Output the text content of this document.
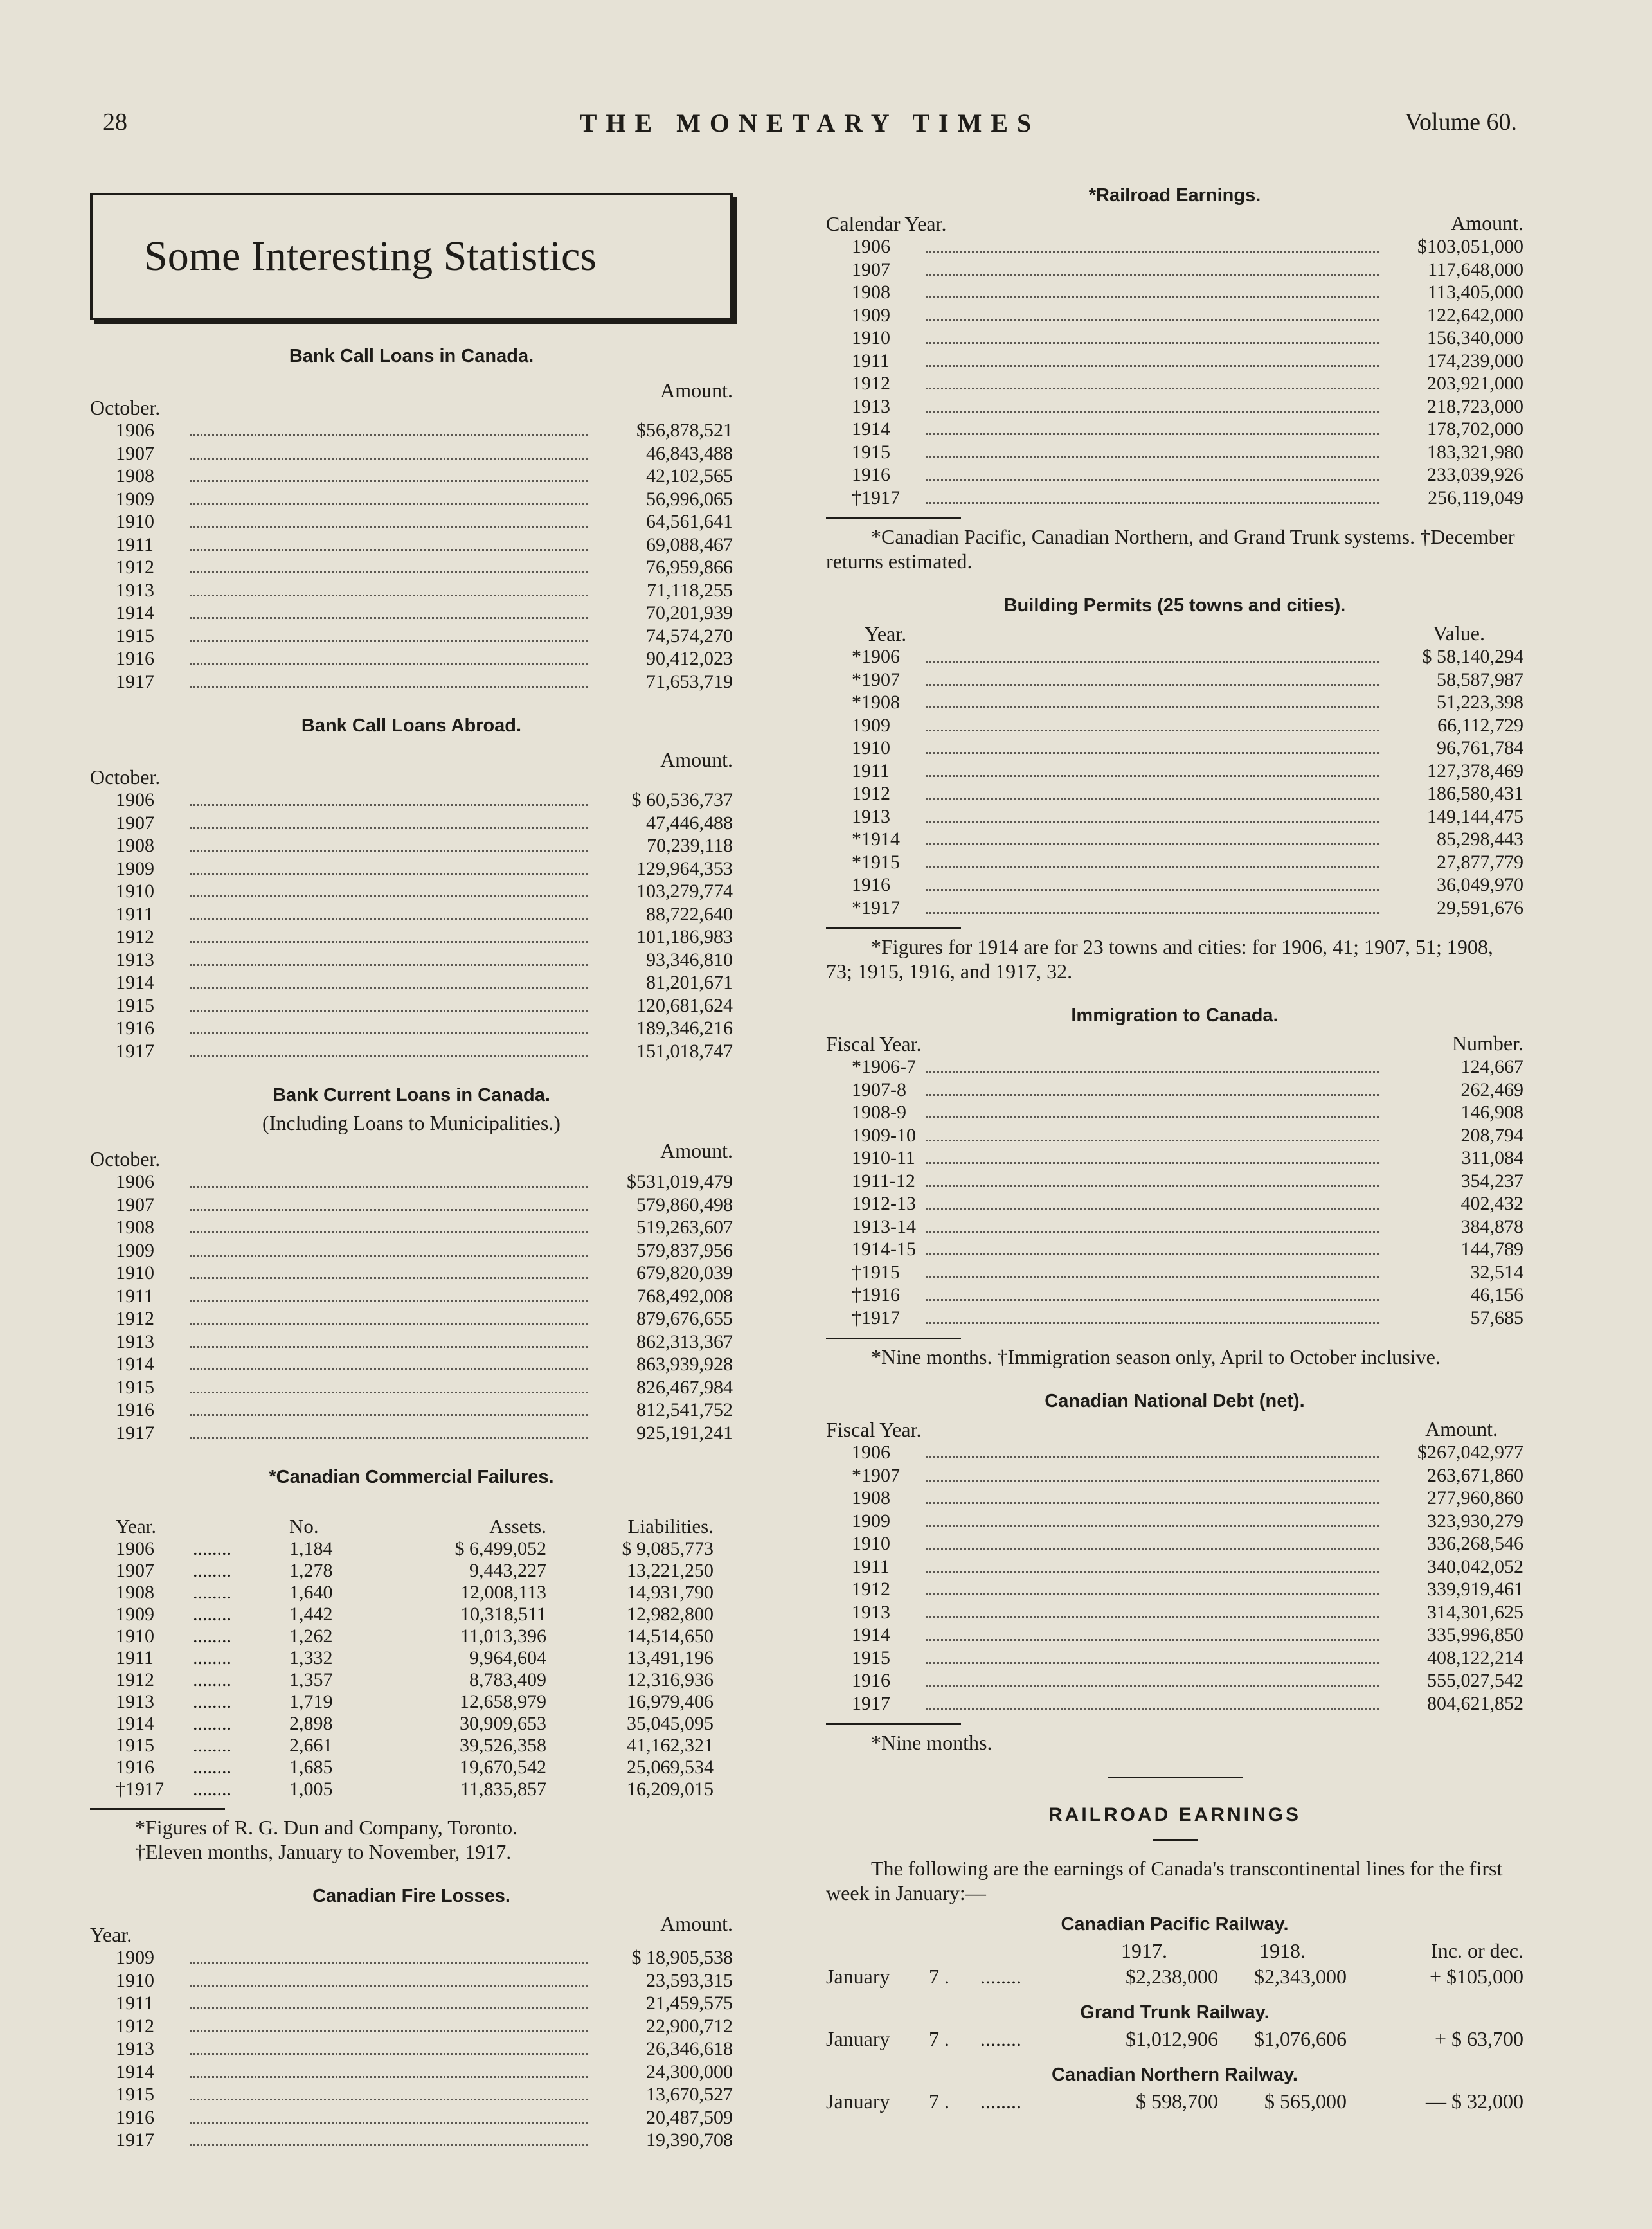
28	THE MONETARY TIMES	Volume 60.
Some Interesting Statistics
Bank Call Loans in Canada.
October.
Amount.
1906	$56,878,521
1907	46,843,488
1908	42,102,565
1909	56,996,065
1910	64,561,641
1911	69,088,467
1912	76,959,866
1913	71,118,255
1914	70,201,939
1915	74,574,270
1916	90,412,023
1917	71,653,719
Bank Call Loans Abroad.
October.
Amount.
1906	$ 60,536,737
1907	47,446,488
1908	70,239,118
1909	129,964,353
1910	103,279,774
1911	88,722,640
1912	101,186,983
1913	93,346,810
1914	81,201,671
1915	120,681,624
1916	189,346,216
1917	151,018,747
Bank Current Loans in Canada.
(Including Loans to Municipalities.)
October.	Amount.
1906	$531,019,479
1907	579,860,498
1908	519,263,607
1909	579,837,956
1910	679,820,039
1911	768,492,008
1912	879,676,655
1913	862,313,367
1914	863,939,928
1915	826,467,984
1916	812,541,752
1917	925,191,241
*Canadian Commercial Failures.
Year.	No.	Assets.	Liabilities.
1906	........	1,184	$ 6,499,052	$ 9,085,773
1907	........	1,278	9,443,227	13,221,250
1908	........	1,640	12,008,113	14,931,790
1909	........	1,442	10,318,511	12,982,800
1910	........	1,262	11,013,396	14,514,650
1911	........	1,332	9,964,604	13,491,196
1912	........	1,357	8,783,409	12,316,936
1913	........	1,719	12,658,979	16,979,406
1914	........	2,898	30,909,653	35,045,095
1915	........	2,661	39,526,358	41,162,321
1916	........	1,685	19,670,542	25,069,534
†1917	........	1,005	11,835,857	16,209,015
*Figures of R. G. Dun and Company, Toronto.
†Eleven months, January to November, 1917.
Canadian Fire Losses.
Year.	Amount.
1909	$ 18,905,538
1910	23,593,315
1911	21,459,575
1912	22,900,712
1913	26,346,618
1914	24,300,000
1915	13,670,527
1916	20,487,509
1917	19,390,708
*Railroad Earnings.
Calendar Year.	Amount.
1906	$103,051,000
1907	117,648,000
1908	113,405,000
1909	122,642,000
1910	156,340,000
1911	174,239,000
1912	203,921,000
1913	218,723,000
1914	178,702,000
1915	183,321,980
1916	233,039,926
†1917	256,119,049
*Canadian Pacific, Canadian Northern, and Grand Trunk systems. †December returns estimated.
Building Permits (25 towns and cities).
Year.	Value.
*1906	$ 58,140,294
*1907	58,587,987
*1908	51,223,398
1909	66,112,729
1910	96,761,784
1911	127,378,469
1912	186,580,431
1913	149,144,475
*1914	85,298,443
*1915	27,877,779
1916	36,049,970
*1917	29,591,676
*Figures for 1914 are for 23 towns and cities: for 1906, 41; 1907, 51; 1908, 73; 1915, 1916, and 1917, 32.
Immigration to Canada.
Fiscal Year.	Number.
*1906-7	124,667
1907-8	262,469
1908-9	146,908
1909-10	208,794
1910-11	311,084
1911-12	354,237
1912-13	402,432
1913-14	384,878
1914-15	144,789
†1915	32,514
†1916	46,156
†1917	57,685
*Nine months. †Immigration season only, April to October inclusive.
Canadian National Debt (net).
Fiscal Year.	Amount.
1906	$267,042,977
*1907	263,671,860
1908	277,960,860
1909	323,930,279
1910	336,268,546
1911	340,042,052
1912	339,919,461
1913	314,301,625
1914	335,996,850
1915	408,122,214
1916	555,027,542
1917	804,621,852
*Nine months.
RAILROAD EARNINGS
The following are the earnings of Canada's transcontinental lines for the first week in January:—
Canadian Pacific Railway.
1917.	1918.	Inc. or dec.
January	7 .	........	$2,238,000	$2,343,000	+ $105,000
Grand Trunk Railway.
January	7 .	........	$1,012,906	$1,076,606	+ $ 63,700
Canadian Northern Railway.
January	7 .	........	$ 598,700	$ 565,000	— $ 32,000
